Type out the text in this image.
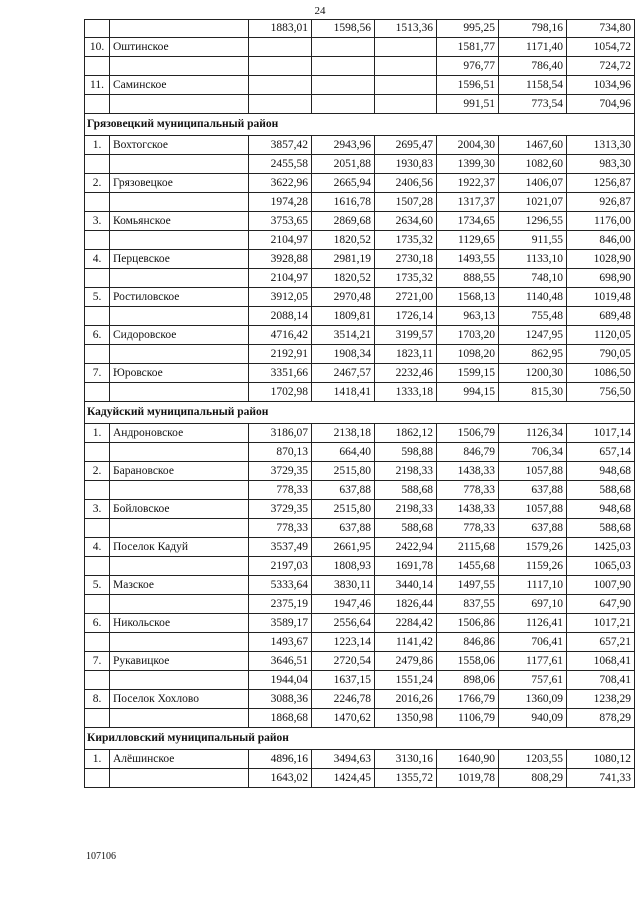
24
		1883,01	1598,56	1513,36	995,25	798,16	734,80
10.	Оштинское				1581,77	1171,40	1054,72
					976,77	786,40	724,72
11.	Саминское				1596,51	1158,54	1034,96
					991,51	773,54	704,96
Грязовецкий муниципальный район							
1.	Вохтогское	3857,42	2943,96	2695,47	2004,30	1467,60	1313,30
		2455,58	2051,88	1930,83	1399,30	1082,60	983,30
2.	Грязовецкое	3622,96	2665,94	2406,56	1922,37	1406,07	1256,87
		1974,28	1616,78	1507,28	1317,37	1021,07	926,87
3.	Комьянское	3753,65	2869,68	2634,60	1734,65	1296,55	1176,00
		2104,97	1820,52	1735,32	1129,65	911,55	846,00
4.	Перцевское	3928,88	2981,19	2730,18	1493,55	1133,10	1028,90
		2104,97	1820,52	1735,32	888,55	748,10	698,90
5.	Ростиловское	3912,05	2970,48	2721,00	1568,13	1140,48	1019,48
		2088,14	1809,81	1726,14	963,13	755,48	689,48
6.	Сидоровское	4716,42	3514,21	3199,57	1703,20	1247,95	1120,05
		2192,91	1908,34	1823,11	1098,20	862,95	790,05
7.	Юровское	3351,66	2467,57	2232,46	1599,15	1200,30	1086,50
		1702,98	1418,41	1333,18	994,15	815,30	756,50
Кадуйский муниципальный район							
1.	Андроновское	3186,07	2138,18	1862,12	1506,79	1126,34	1017,14
		870,13	664,40	598,88	846,79	706,34	657,14
2.	Барановское	3729,35	2515,80	2198,33	1438,33	1057,88	948,68
		778,33	637,88	588,68	778,33	637,88	588,68
3.	Бойловское	3729,35	2515,80	2198,33	1438,33	1057,88	948,68
		778,33	637,88	588,68	778,33	637,88	588,68
4.	Поселок Кадуй	3537,49	2661,95	2422,94	2115,68	1579,26	1425,03
		2197,03	1808,93	1691,78	1455,68	1159,26	1065,03
5.	Мазское	5333,64	3830,11	3440,14	1497,55	1117,10	1007,90
		2375,19	1947,46	1826,44	837,55	697,10	647,90
6.	Никольское	3589,17	2556,64	2284,42	1506,86	1126,41	1017,21
		1493,67	1223,14	1141,42	846,86	706,41	657,21
7.	Рукавицкое	3646,51	2720,54	2479,86	1558,06	1177,61	1068,41
		1944,04	1637,15	1551,24	898,06	757,61	708,41
8.	Поселок Хохлово	3088,36	2246,78	2016,26	1766,79	1360,09	1238,29
		1868,68	1470,62	1350,98	1106,79	940,09	878,29
Кирилловский муниципальный район							
1.	Алёшинское	4896,16	3494,63	3130,16	1640,90	1203,55	1080,12
		1643,02	1424,45	1355,72	1019,78	808,29	741,33
107106
